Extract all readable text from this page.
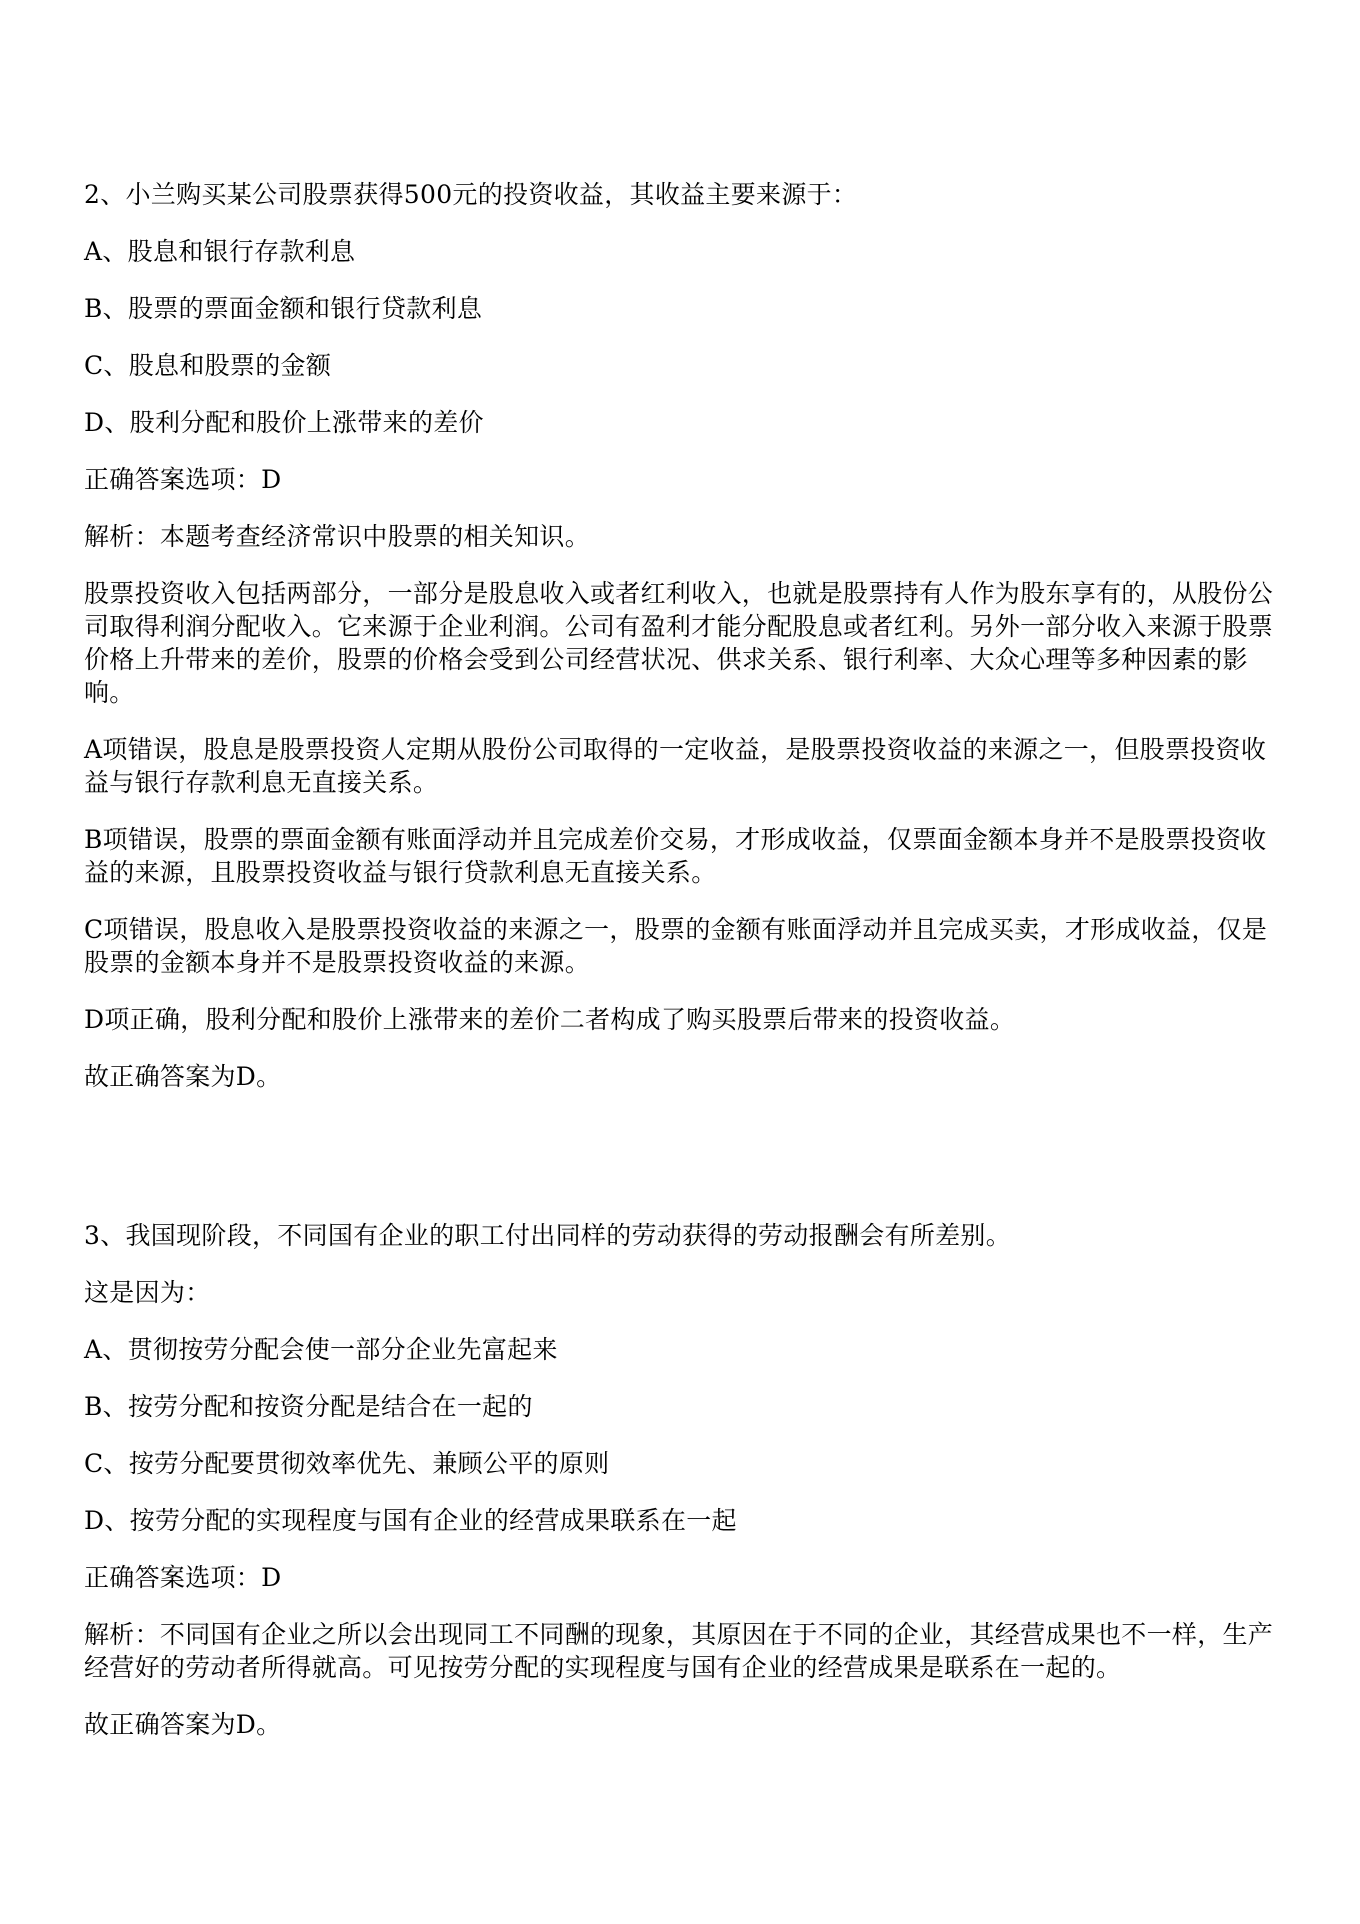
2、小兰购买某公司股票获得500元的投资收益，其收益主要来源于：

A、股息和银行存款利息

B、股票的票面金额和银行贷款利息

C、股息和股票的金额

D、股利分配和股价上涨带来的差价

正确答案选项：D

解析：本题考查经济常识中股票的相关知识。

股票投资收入包括两部分，一部分是股息收入或者红利收入，也就是股票持有人作为股东享有的，从股份公司取得利润分配收入。它来源于企业利润。公司有盈利才能分配股息或者红利。另外一部分收入来源于股票价格上升带来的差价，股票的价格会受到公司经营状况、供求关系、银行利率、大众心理等多种因素的影响。

A项错误，股息是股票投资人定期从股份公司取得的一定收益，是股票投资收益的来源之一，但股票投资收益与银行存款利息无直接关系。

B项错误，股票的票面金额有账面浮动并且完成差价交易，才形成收益，仅票面金额本身并不是股票投资收益的来源，且股票投资收益与银行贷款利息无直接关系。

C项错误，股息收入是股票投资收益的来源之一，股票的金额有账面浮动并且完成买卖，才形成收益，仅是股票的金额本身并不是股票投资收益的来源。

D项正确，股利分配和股价上涨带来的差价二者构成了购买股票后带来的投资收益。

故正确答案为D。

3、我国现阶段，不同国有企业的职工付出同样的劳动获得的劳动报酬会有所差别。

这是因为：

A、贯彻按劳分配会使一部分企业先富起来

B、按劳分配和按资分配是结合在一起的

C、按劳分配要贯彻效率优先、兼顾公平的原则

D、按劳分配的实现程度与国有企业的经营成果联系在一起

正确答案选项：D

解析：不同国有企业之所以会出现同工不同酬的现象，其原因在于不同的企业，其经营成果也不一样，生产经营好的劳动者所得就高。可见按劳分配的实现程度与国有企业的经营成果是联系在一起的。

故正确答案为D。
